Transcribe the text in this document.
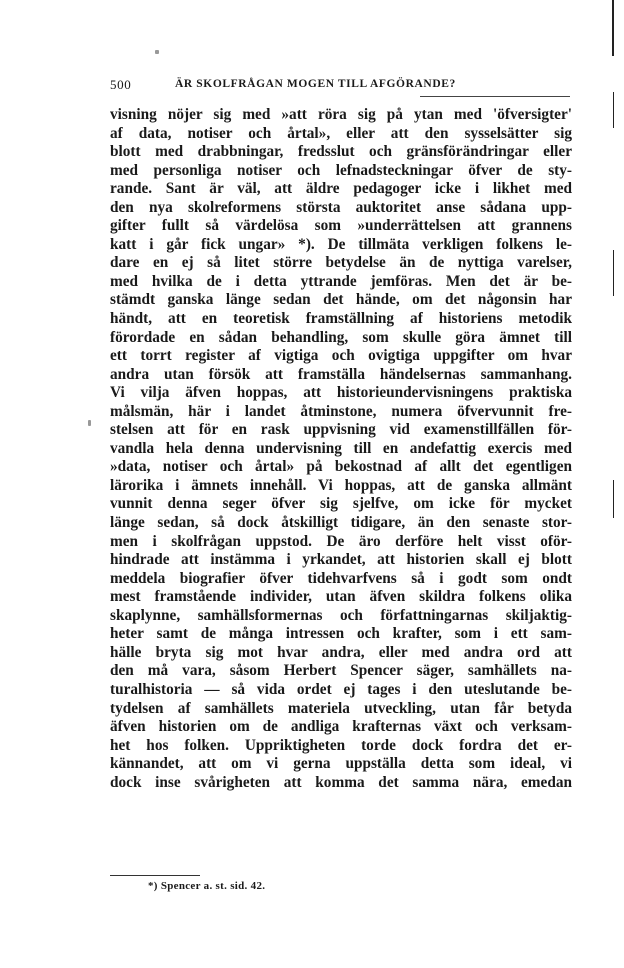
500	ÄR SKOLFRÅGAN MOGEN TILL AFGÖRANDE?
visning nöjer sig med »att röra sig på ytan med 'öfversigter'
af data, notiser och årtal», eller att den sysselsätter sig
blott med drabbningar, fredsslut och gränsförändringar eller
med personliga notiser och lefnadsteckningar öfver de sty-
rande. Sant är väl, att äldre pedagoger icke i likhet med
den nya skolreformens största auktoritet anse sådana upp-
gifter fullt så värdelösa som »underrättelsen att grannens
katt i går fick ungar» *). De tillmäta verkligen folkens le-
dare en ej så litet större betydelse än de nyttiga varelser,
med hvilka de i detta yttrande jemföras. Men det är be-
stämdt ganska länge sedan det hände, om det någonsin har
händt, att en teoretisk framställning af historiens metodik
förordade en sådan behandling, som skulle göra ämnet till
ett torrt register af vigtiga och ovigtiga uppgifter om hvar
andra utan försök att framställa händelsernas sammanhang.
Vi vilja äfven hoppas, att historieundervisningens praktiska
målsmän, här i landet åtminstone, numera öfvervunnit fre-
stelsen att för en rask uppvisning vid examenstillfällen för-
vandla hela denna undervisning till en andefattig exercis med
»data, notiser och årtal» på bekostnad af allt det egentligen
lärorika i ämnets innehåll. Vi hoppas, att de ganska allmänt
vunnit denna seger öfver sig sjelfve, om icke för mycket
länge sedan, så dock åtskilligt tidigare, än den senaste stor-
men i skolfrågan uppstod. De äro derföre helt visst oför-
hindrade att instämma i yrkandet, att historien skall ej blott
meddela biografier öfver tidehvarfvens så i godt som ondt
mest framstående individer, utan äfven skildra folkens olika
skaplynne, samhällsformernas och författningarnas skiljaktig-
heter samt de många intressen och krafter, som i ett sam-
hälle bryta sig mot hvar andra, eller med andra ord att
den må vara, såsom Herbert Spencer säger, samhällets na-
turalhistoria — så vida ordet ej tages i den uteslutande be-
tydelsen af samhällets materiela utveckling, utan får betyda
äfven historien om de andliga krafternas växt och verksam-
het hos folken. Uppriktigheten torde dock fordra det er-
kännandet, att om vi gerna uppställa detta som ideal, vi
dock inse svårigheten att komma det samma nära, emedan
*) Spencer a. st. sid. 42.
